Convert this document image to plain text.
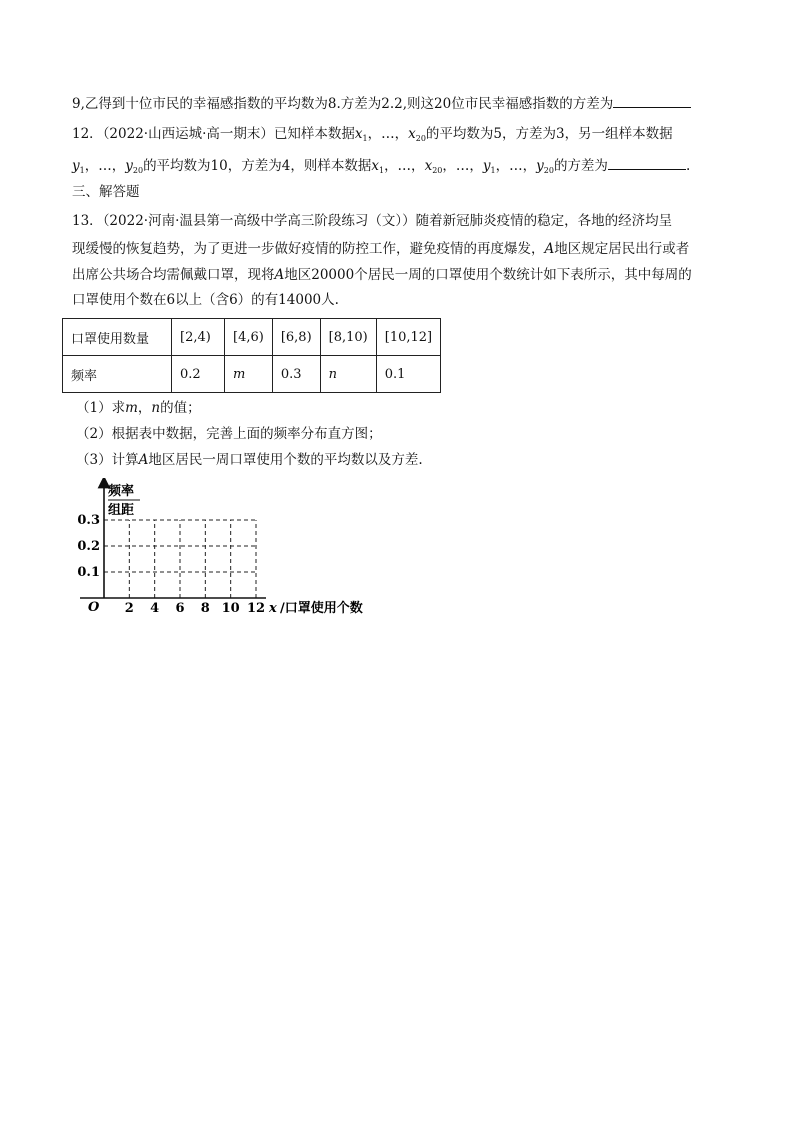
9,乙得到十位市民的幸福感指数的平均数为8.方差为2.2,则这20位市民幸福感指数的方差为
12．（2022·山西运城·高一期末）已知样本数据$x_1$，…，$x_{20}$的平均数为5，方差为3，另一组样本数据
$y_1$，…，$y_{20}$的平均数为10，方差为4，则样本数据$x_1$，…，$x_{20}$，…，$y_1$，…，$y_{20}$的方差为	.
三、解答题
13．（2022·河南·温县第一高级中学高三阶段练习（文））随着新冠肺炎疫情的稳定，各地的经济均呈
现缓慢的恢复趋势，为了更进一步做好疫情的防控工作，避免疫情的再度爆发，A地区规定居民出行或者
出席公共场合均需佩戴口罩，现将A地区20000个居民一周的口罩使用个数统计如下表所示，其中每周的
口罩使用个数在6以上（含6）的有14000人.
口罩使用数量	[2,4)	[4,6)	[6,8)	[8,10)	[10,12]
频率	0.2	m	0.3	n	0.1
（1）求m，n的值；
（2）根据表中数据，完善上面的频率分布直方图；
（3）计算A地区居民一周口罩使用个数的平均数以及方差.
频率
组距
O
0.1
0.2
0.3
2 4 6 8 10 12 x /口罩使用个数
